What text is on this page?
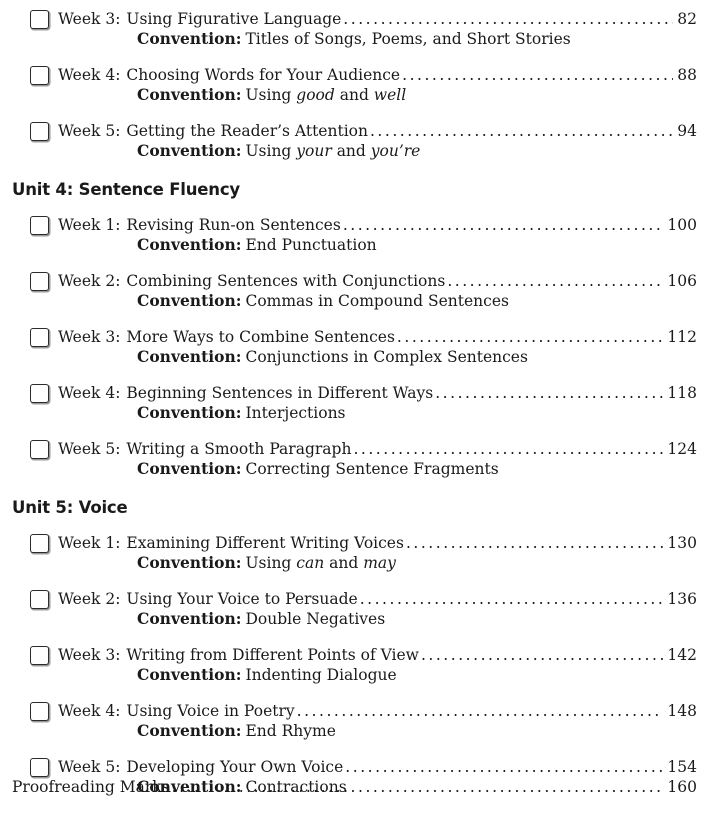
Week 3: Using Figurative Language . . .	82
Convention: Titles of Songs, Poems, and Short Stories
Week 4: Choosing Words for Your Audience . . .	88
Convention: Using good and well
Week 5: Getting the Reader’s Attention . . .	94
Convention: Using your and you’re
Unit 4: Sentence Fluency
Week 1: Revising Run-on Sentences . . .	100
Convention: End Punctuation
Week 2: Combining Sentences with Conjunctions . . .	106
Convention: Commas in Compound Sentences
Week 3: More Ways to Combine Sentences . . .	112
Convention: Conjunctions in Complex Sentences
Week 4: Beginning Sentences in Different Ways . . .	118
Convention: Interjections
Week 5: Writing a Smooth Paragraph . . .	124
Convention: Correcting Sentence Fragments
Unit 5: Voice
Week 1: Examining Different Writing Voices . . .	130
Convention: Using can and may
Week 2: Using Your Voice to Persuade . . .	136
Convention: Double Negatives
Week 3: Writing from Different Points of View . . .	142
Convention: Indenting Dialogue
Week 4: Using Voice in Poetry . . .	148
Convention: End Rhyme
Week 5: Developing Your Own Voice . . .	154
Convention: Contractions
Proofreading Marks . . .	160
